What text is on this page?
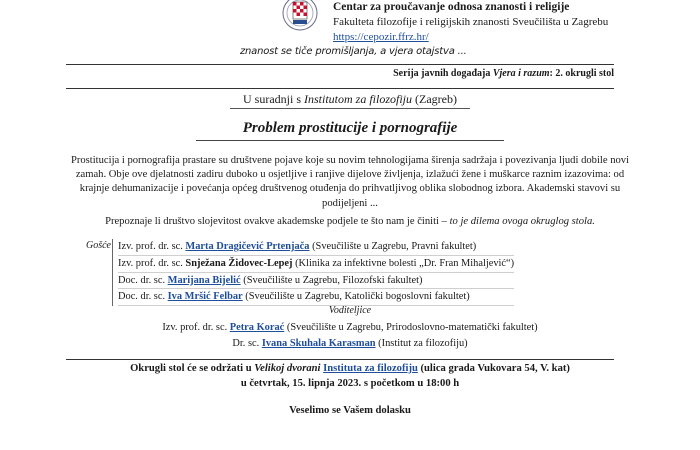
Centar za proučavanje odnosa znanosti i religije
Fakulteta filozofije i religijskih znanosti Sveučilišta u Zagrebu
https://cepozir.ffrz.hr/
znanost se tiče promišljanja, a vjera otajstva ...
Serija javnih događaja Vjera i razum: 2. okrugli stol
U suradnji s Institutom za filozofiju (Zagreb)
Problem prostitucije i pornografije
Prostitucija i pornografija prastare su društvene pojave koje su novim tehnologijama širenja sadržaja i povezivanja ljudi dobile novi zamah. Obje ove djelatnosti zadiru duboko u osjetljive i ranjive dijelove življenja, izlažući žene i muškarce raznim izazovima: od krajnje dehumanizacije i povećanja općeg društvenog otuđenja do prihvatljivog oblika slobodnog izbora. Akademski stavovi su podijeljeni ...
Prepoznaje li društvo slojevitost ovakve akademske podjele te što nam je činiti – to je dilema ovoga okruglog stola.
Gošće Izv. prof. dr. sc. Marta Dragičević Prtenjača (Sveučilište u Zagrebu, Pravni fakultet)
Izv. prof. dr. sc. Snježana Židovec-Lepej (Klinika za infektivne bolesti „Dr. Fran Mihaljević“)
Doc. dr. sc. Marijana Bijelić (Sveučilište u Zagrebu, Filozofski fakultet)
Doc. dr. sc. Iva Mršić Felbar (Sveučilište u Zagrebu, Katolički bogoslovni fakultet)
Voditeljice
Izv. prof. dr. sc. Petra Korać (Sveučilište u Zagrebu, Prirodoslovno-matematički fakultet)
Dr. sc. Ivana Skuhala Karasman (Institut za filozofiju)
Okrugli stol će se održati u Velikoj dvorani Instituta za filozofiju (ulica grada Vukovara 54, V. kat)
u četvrtak, 15. lipnja 2023. s početkom u 18:00 h
Veselimo se Vašem dolasku
